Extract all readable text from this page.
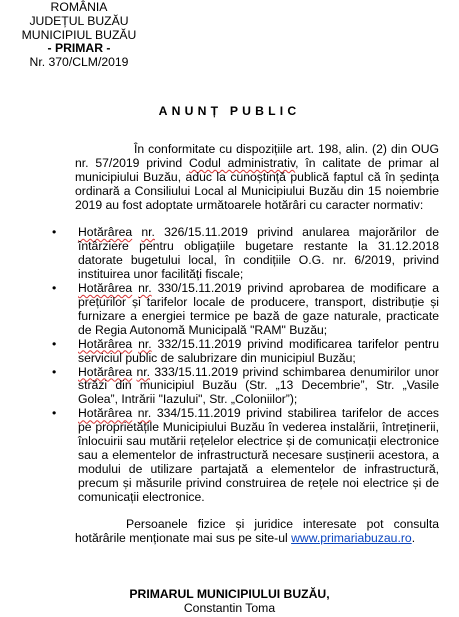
ROMÂNIA
JUDEȚUL BUZĂU
MUNICIPIUL BUZĂU
- PRIMAR -
Nr. 370/CLM/2019
ANUNȚ PUBLIC
În conformitate cu dispozițiile art. 198, alin. (2) din OUG nr. 57/2019 privind Codul administrativ, în calitate de primar al municipiului Buzău, aduc la cunoștință publică faptul că în ședința ordinară a Consiliului Local al Municipiului Buzău din 15 noiembrie 2019 au fost adoptate următoarele hotărâri cu caracter normativ:
• Hotărârea nr. 326/15.11.2019 privind anularea majorărilor de întârziere pentru obligațiile bugetare restante la 31.12.2018 datorate bugetului local, în condițiile O.G. nr. 6/2019, privind instituirea unor facilități fiscale;
• Hotărârea nr. 330/15.11.2019 privind aprobarea de modificare a prețurilor și tarifelor locale de producere, transport, distribuție și furnizare a energiei termice pe bază de gaze naturale, practicate de Regia Autonomă Municipală "RAM" Buzău;
• Hotărârea nr. 332/15.11.2019 privind modificarea tarifelor pentru serviciul public de salubrizare din municipiul Buzău;
• Hotărârea nr. 333/15.11.2019 privind schimbarea denumirilor unor străzi din municipiul Buzău (Str. „13 Decembrie”, Str. „Vasile Golea”, Intrării "Iazului", Str. „Coloniilor”);
• Hotărârea nr. 334/15.11.2019 privind stabilirea tarifelor de acces pe proprietățile Municipiului Buzău în vederea instalării, întreținerii, înlocuirii sau mutării rețelelor electrice și de comunicații electronice sau a elementelor de infrastructură necesare susținerii acestora, a modului de utilizare partajată a elementelor de infrastructură, precum și măsurile privind construirea de rețele noi electrice și de comunicații electronice.
Persoanele fizice și juridice interesate pot consulta hotărârile menționate mai sus pe site-ul www.primariabuzau.ro.
PRIMARUL MUNICIPIULUI BUZĂU,
Constantin Toma
